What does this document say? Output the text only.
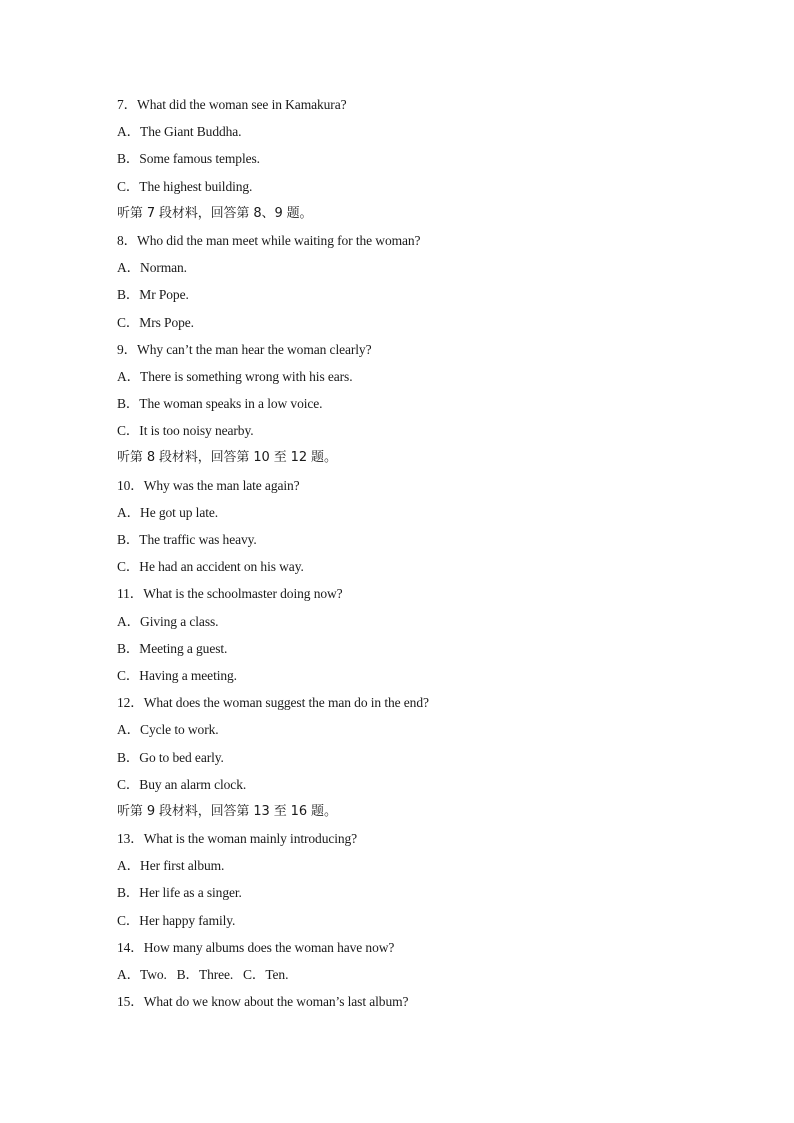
7．What did the woman see in Kamakura?
A．The Giant Buddha.
B．Some famous temples.
C．The highest building.
听第 7 段材料，回答第 8、9 题。
8．Who did the man meet while waiting for the woman?
A．Norman.
B．Mr Pope.
C．Mrs Pope.
9．Why can’t the man hear the woman clearly?
A．There is something wrong with his ears.
B．The woman speaks in a low voice.
C．It is too noisy nearby.
听第 8 段材料，回答第 10 至 12 题。
10．Why was the man late again?
A．He got up late.
B．The traffic was heavy.
C．He had an accident on his way.
11．What is the schoolmaster doing now?
A．Giving a class.
B．Meeting a guest.
C．Having a meeting.
12．What does the woman suggest the man do in the end?
A．Cycle to work.
B．Go to bed early.
C．Buy an alarm clock.
听第 9 段材料，回答第 13 至 16 题。
13．What is the woman mainly introducing?
A．Her first album.
B．Her life as a singer.
C．Her happy family.
14．How many albums does the woman have now?
A．Two.   B．Three.   C．Ten.
15．What do we know about the woman’s last album?
